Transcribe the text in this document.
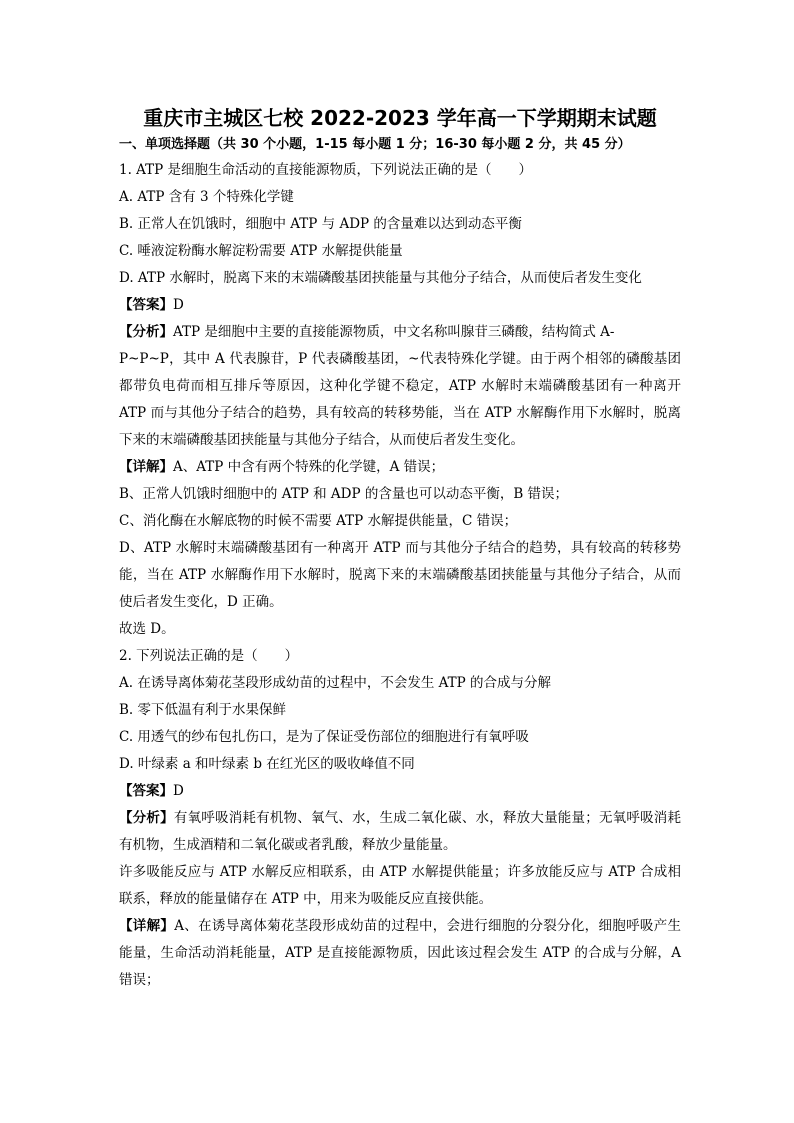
重庆市主城区七校 2022-2023 学年高一下学期期末试题
一、单项选择题（共 30 个小题，1-15 每小题 1 分；16-30 每小题 2 分，共 45 分）
1. ATP 是细胞生命活动的直接能源物质，下列说法正确的是（　　）
A. ATP 含有 3 个特殊化学键
B. 正常人在饥饿时，细胞中 ATP 与 ADP 的含量难以达到动态平衡
C. 唾液淀粉酶水解淀粉需要 ATP 水解提供能量
D. ATP 水解时，脱离下来的末端磷酸基团挟能量与其他分子结合，从而使后者发生变化
【答案】D
【分析】ATP 是细胞中主要的直接能源物质，中文名称叫腺苷三磷酸，结构简式 A-

P~P~P，其中 A 代表腺苷，P 代表磷酸基团，~代表特殊化学键。由于两个相邻的磷酸基团都带负电荷而相互排斥等原因，这种化学键不稳定，ATP 水解时末端磷酸基团有一种离开 ATP 而与其他分子结合的趋势，具有较高的转移势能，当在 ATP 水解酶作用下水解时，脱离下来的末端磷酸基团挟能量与其他分子结合，从而使后者发生变化。

【详解】A、ATP 中含有两个特殊的化学键，A 错误；
B、正常人饥饿时细胞中的 ATP 和 ADP 的含量也可以动态平衡，B 错误；
C、消化酶在水解底物的时候不需要 ATP 水解提供能量，C 错误；

D、ATP 水解时末端磷酸基团有一种离开 ATP 而与其他分子结合的趋势，具有较高的转移势能，当在 ATP 水解酶作用下水解时，脱离下来的末端磷酸基团挟能量与其他分子结合，从而使后者发生变化，D 正确。

故选 D。
2. 下列说法正确的是（　　）
A. 在诱导离体菊花茎段形成幼苗的过程中，不会发生 ATP 的合成与分解
B. 零下低温有利于水果保鲜
C. 用透气的纱布包扎伤口，是为了保证受伤部位的细胞进行有氧呼吸
D. 叶绿素 a 和叶绿素 b 在红光区的吸收峰值不同
【答案】D

【分析】有氧呼吸消耗有机物、氧气、水，生成二氧化碳、水，释放大量能量；无氧呼吸消耗有机物，生成酒精和二氧化碳或者乳酸，释放少量能量。

许多吸能反应与 ATP 水解反应相联系，由 ATP 水解提供能量；许多放能反应与 ATP 合成相联系，释放的能量储存在 ATP 中，用来为吸能反应直接供能。

【详解】A、在诱导离体菊花茎段形成幼苗的过程中，会进行细胞的分裂分化，细胞呼吸产生能量，生命活动消耗能量，ATP 是直接能源物质，因此该过程会发生 ATP 的合成与分解，A 错误；
